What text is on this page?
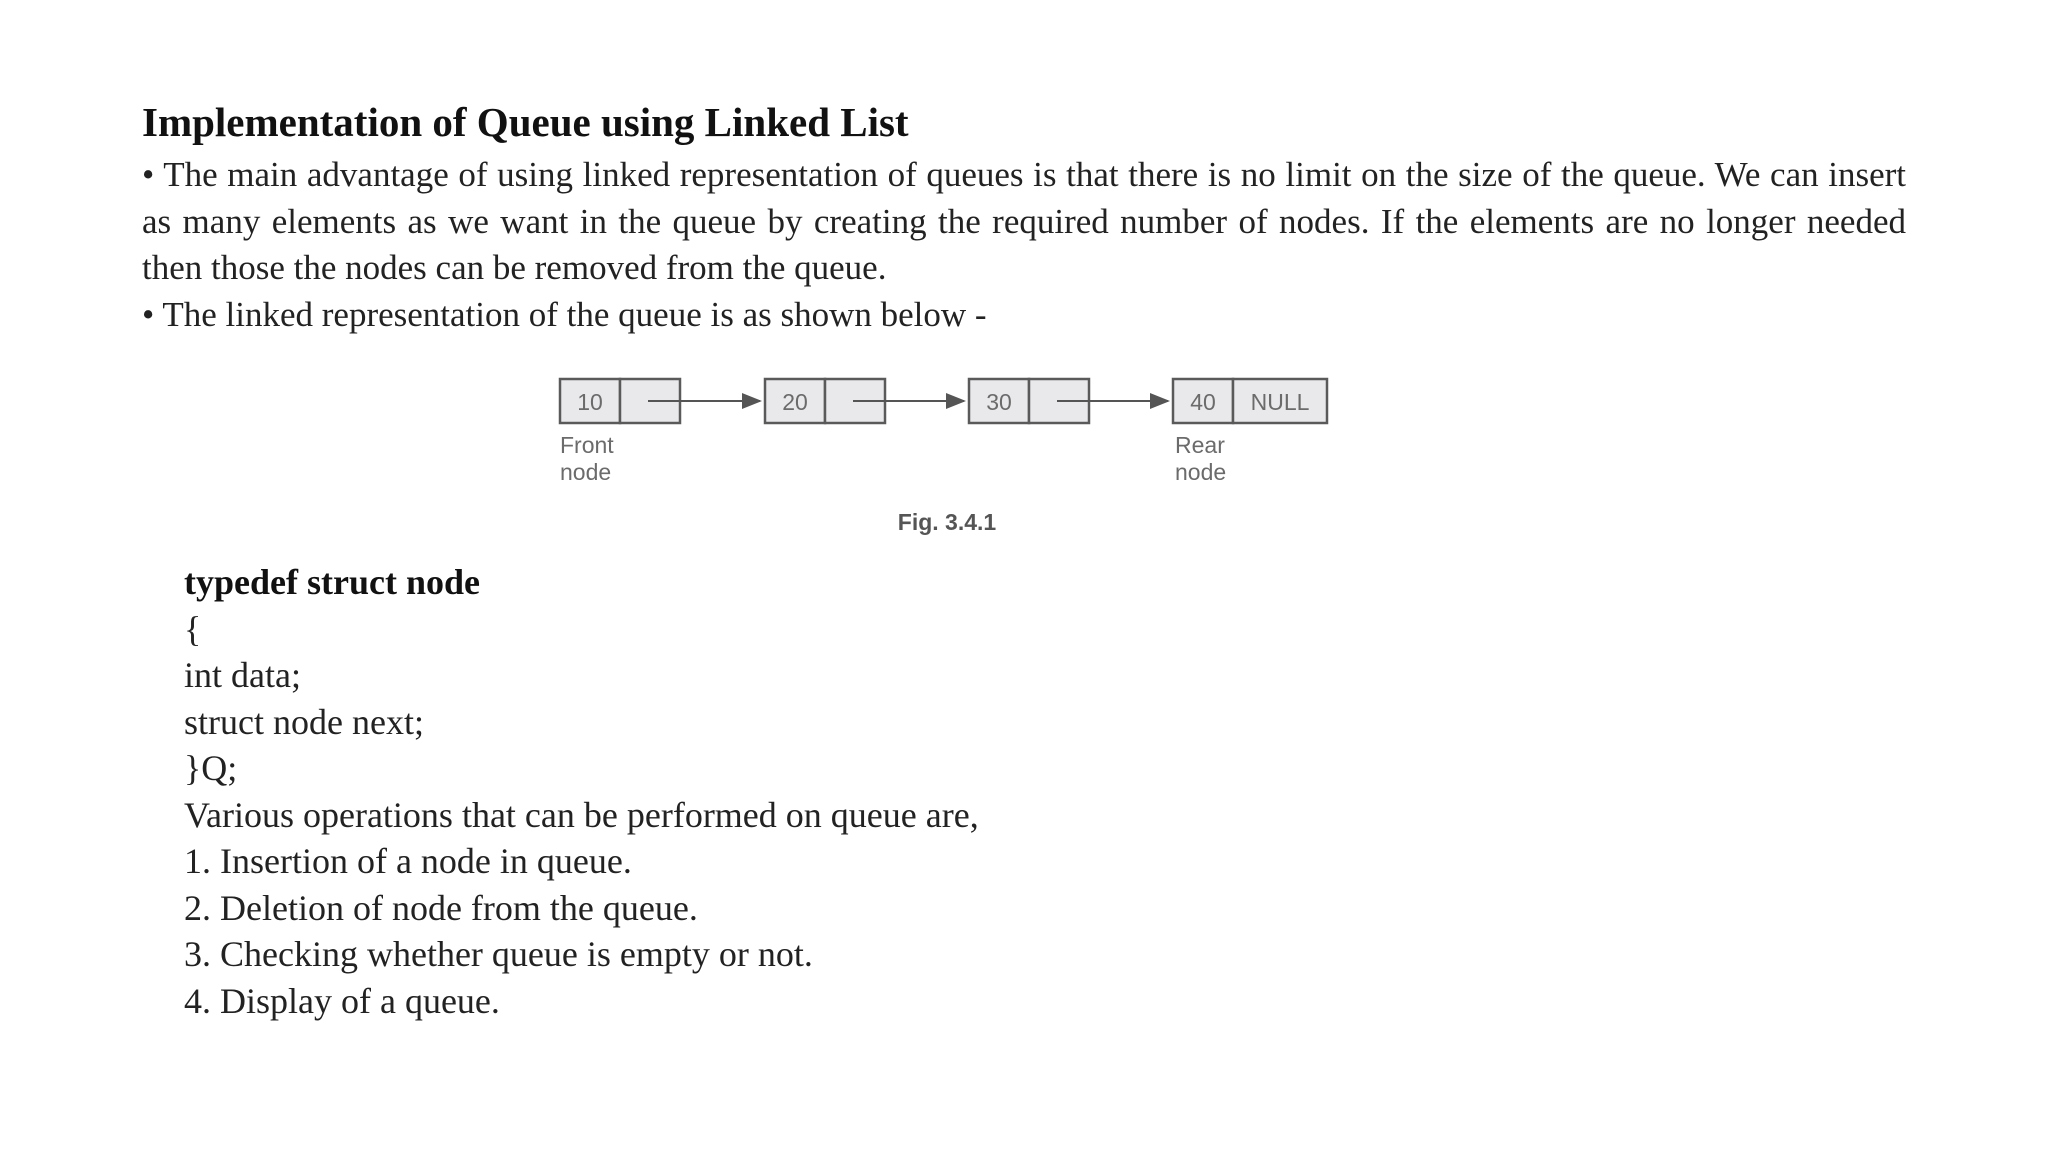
Implementation of Queue using Linked List

• The main advantage of using linked representation of queues is that there is no limit on the size of the queue. We can insert as many elements as we want in the queue by creating the required number of nodes. If the elements are no longer needed then those the nodes can be removed from the queue.

• The linked representation of the queue is as shown below -

10	20	30	40 NULL
Front
node
Rear
node
Fig. 3.4.1
typedef struct node
{
int data;
struct node next;
}Q;
Various operations that can be performed on queue are,
1. Insertion of a node in queue.
2. Deletion of node from the queue.
3. Checking whether queue is empty or not.
4. Display of a queue.
